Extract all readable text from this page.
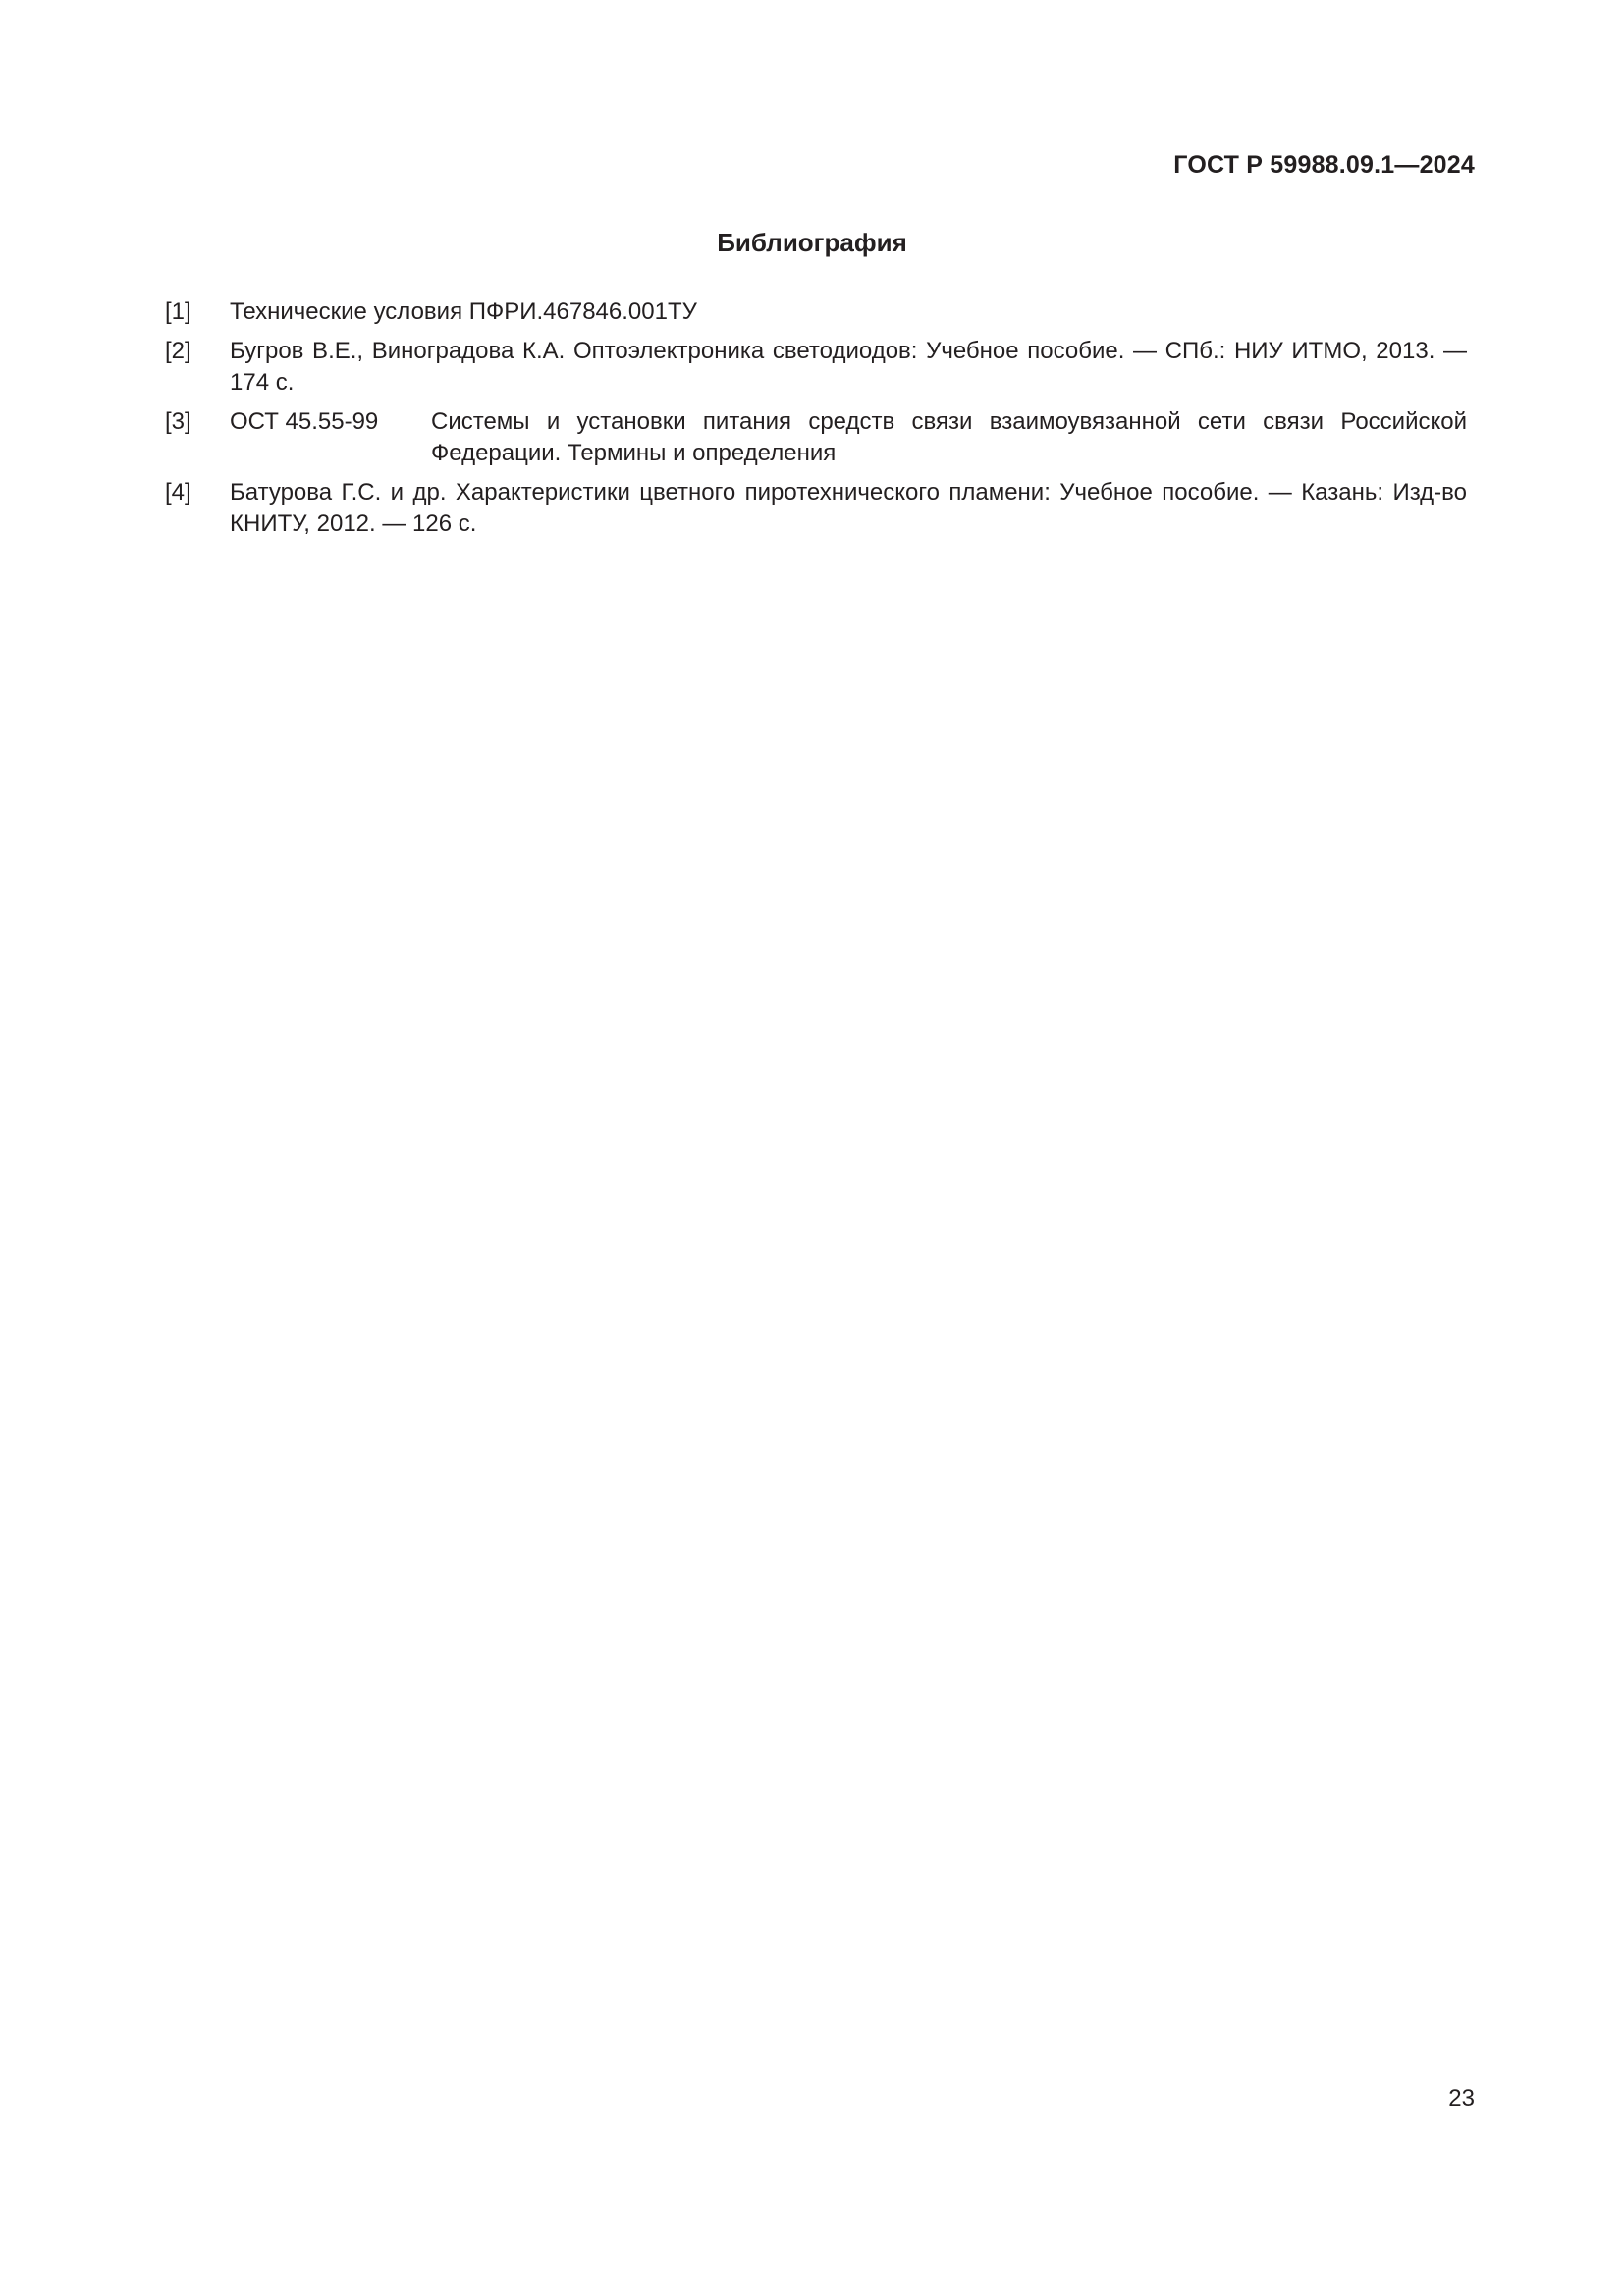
ГОСТ Р 59988.09.1—2024
Библиография
[1]	Технические условия ПФРИ.467846.001ТУ
[2]	Бугров В.Е., Виноградова К.А. Оптоэлектроника светодиодов: Учебное пособие. — СПб.: НИУ ИТМО, 2013. — 174 с.
[3]	ОСТ 45.55-99	Системы и установки питания средств связи взаимоувязанной сети связи Российской Федерации. Термины и определения
[4]	Батурова Г.С. и др. Характеристики цветного пиротехнического пламени: Учебное пособие. — Казань: Изд-во КНИТУ, 2012. — 126 с.
23
